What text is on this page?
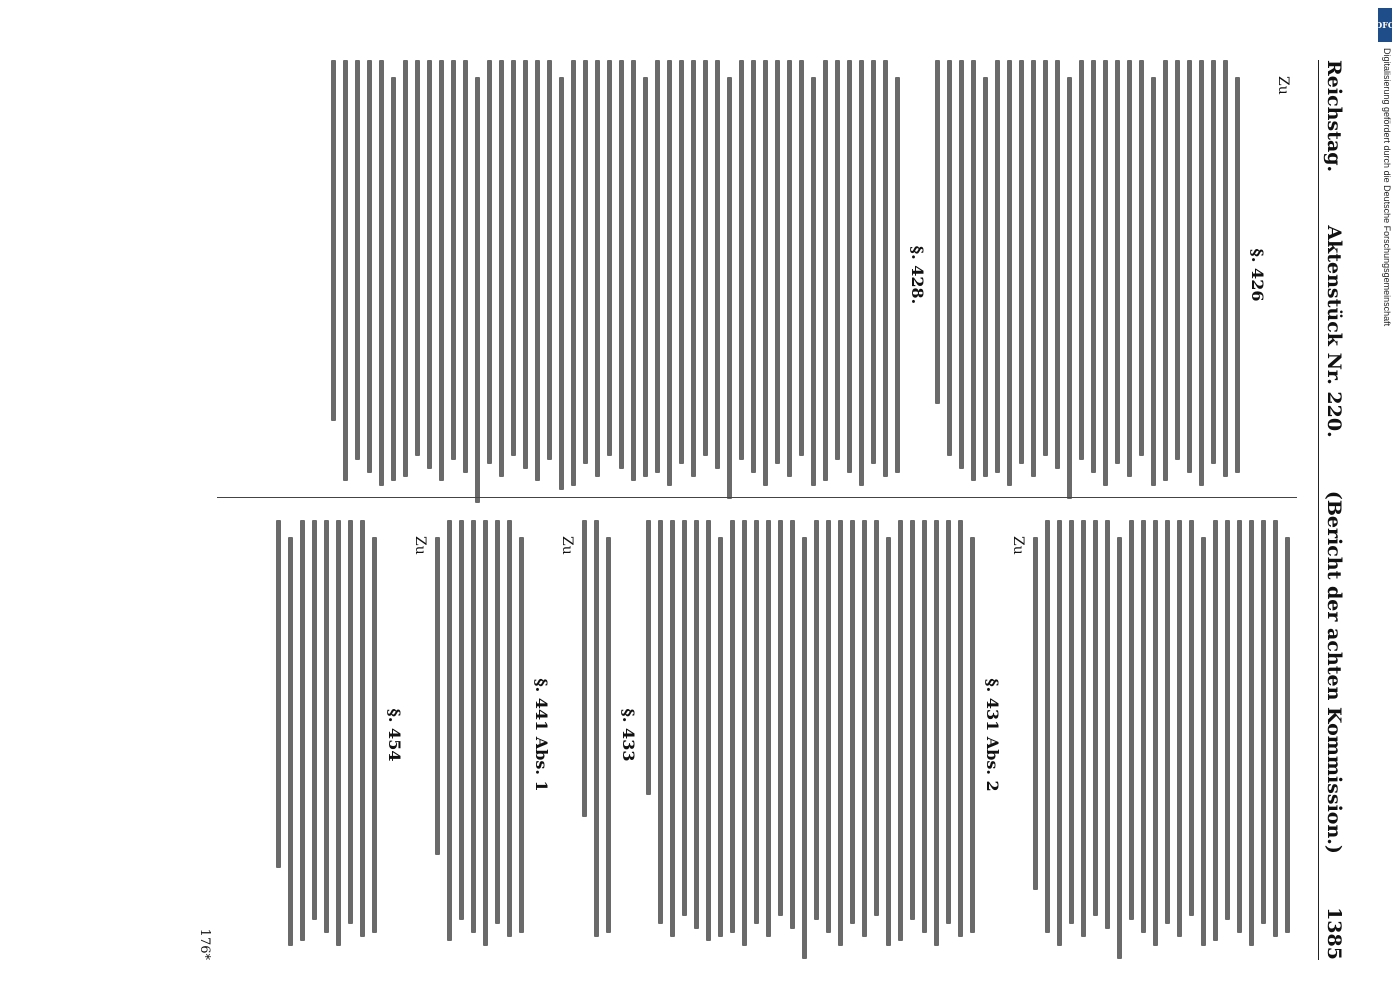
Reichstag.
Aktenstück Nr. 220.
(Bericht der achten Kommission.)
1385
Zu
§. 426
§. 428.
Zu
§. 431 Abs. 2
§. 433
Zu
§. 441 Abs. 1
Zu
§. 454
176*
DFG
Digitalisierung gefördert durch die Deutsche Forschungsgemeinschaft
